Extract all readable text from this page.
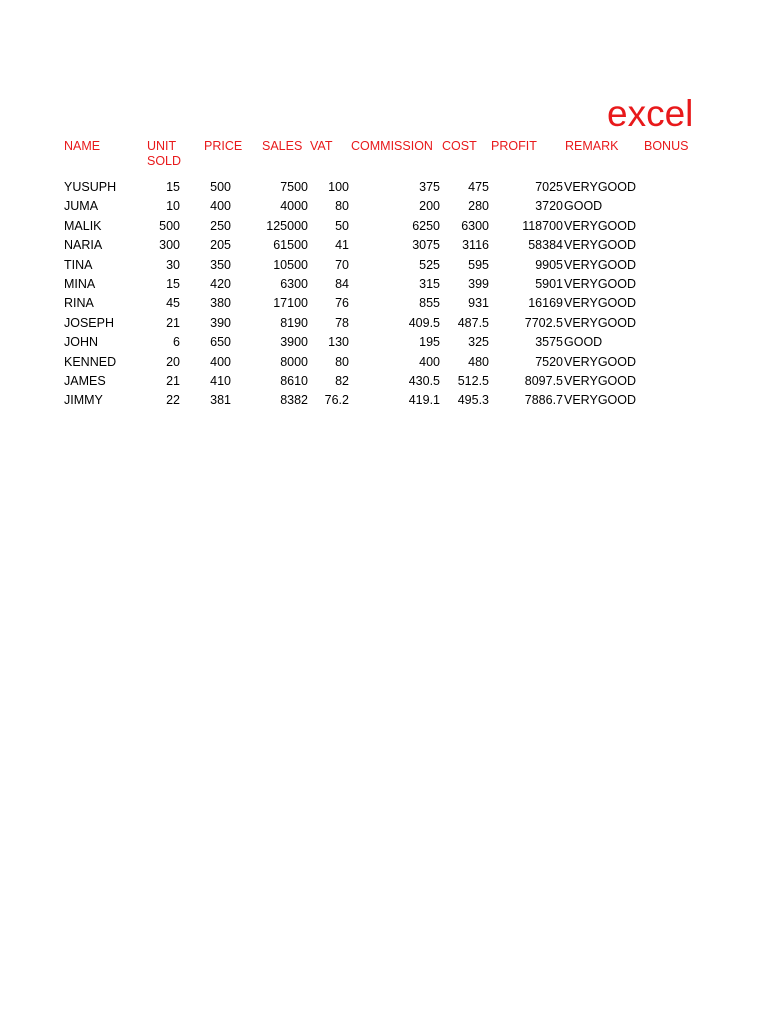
excel
NAME	UNIT
SOLD
PRICE SALES VAT COMMISSION COST PROFIT REMARK BONUS
YUSUPH	15 500	7500 100	375 475	7025 VERYGOOD
JUMA	10 400	4000 80	200 280	3720 GOOD
MALIK	500 250	125000 50	6250 6300	118700 VERYGOOD
NARIA	300 205	61500 41	3075 3116	58384 VERYGOOD
TINA	30 350	10500 70	525 595	9905 VERYGOOD
MINA	15 420	6300 84	315 399	5901 VERYGOOD
RINA	45 380	17100 76	855 931	16169 VERYGOOD
JOSEPH	21 390	8190 78	409.5 487.5	7702.5 VERYGOOD
JOHN	6 650	3900 130	195 325	3575 GOOD
KENNED	20 400	8000 80	400 480	7520 VERYGOOD
JAMES	21 410	8610 82	430.5 512.5	8097.5 VERYGOOD
JIMMY	22 381	8382 76.2	419.1 495.3	7886.7 VERYGOOD
